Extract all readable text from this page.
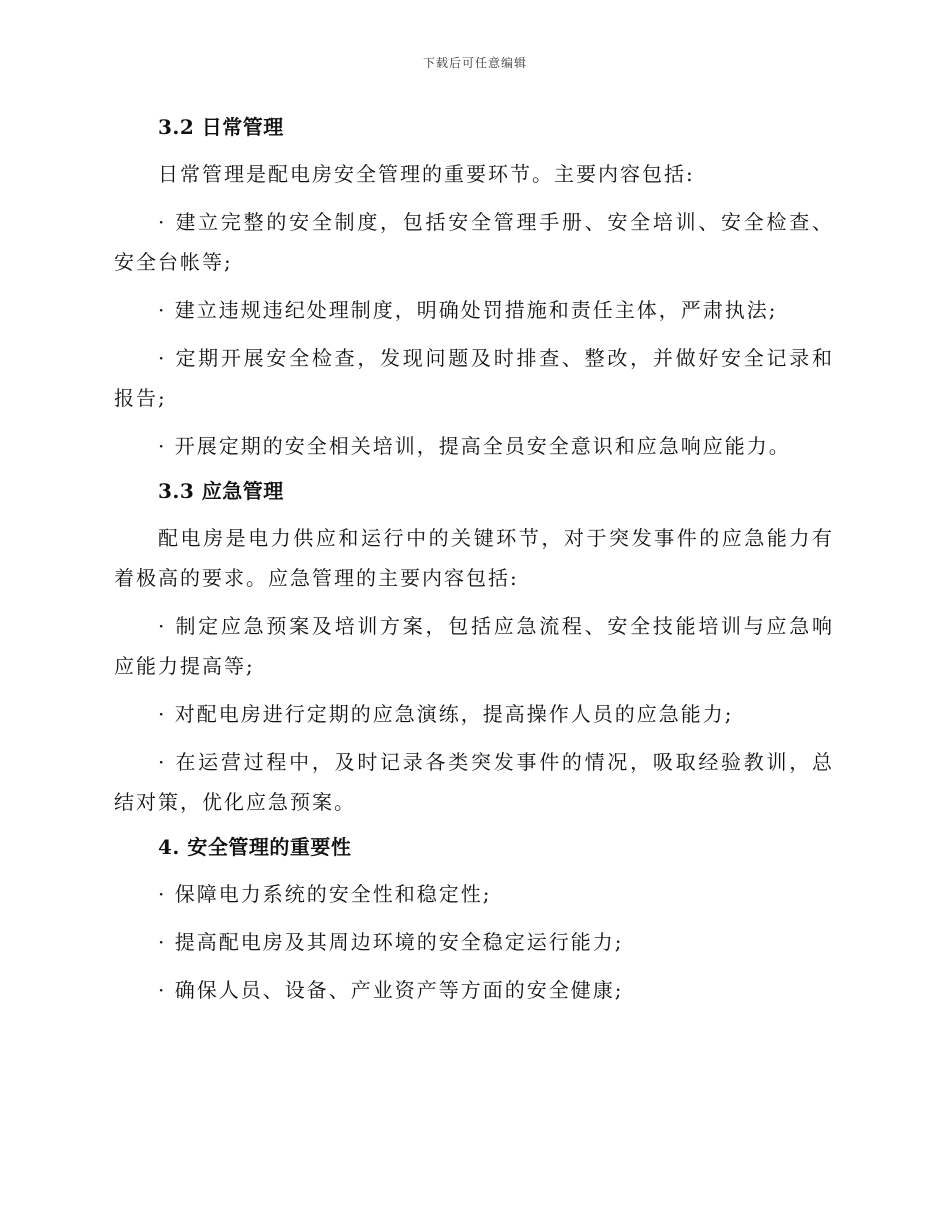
下载后可任意编辑
3.2 日常管理

日常管理是配电房安全管理的重要环节。主要内容包括:

· 建立完整的安全制度，包括安全管理手册、安全培训、安全检查、安全台帐等;

· 建立违规违纪处理制度，明确处罚措施和责任主体，严肃执法;

· 定期开展安全检查，发现问题及时排查、整改，并做好安全记录和报告;

· 开展定期的安全相关培训，提高全员安全意识和应急响应能力。

3.3 应急管理

配电房是电力供应和运行中的关键环节，对于突发事件的应急能力有着极高的要求。应急管理的主要内容包括:

· 制定应急预案及培训方案，包括应急流程、安全技能培训与应急响应能力提高等;

· 对配电房进行定期的应急演练，提高操作人员的应急能力;

· 在运营过程中，及时记录各类突发事件的情况，吸取经验教训，总结对策，优化应急预案。

4. 安全管理的重要性

· 保障电力系统的安全性和稳定性;

· 提高配电房及其周边环境的安全稳定运行能力;

· 确保人员、设备、产业资产等方面的安全健康;
